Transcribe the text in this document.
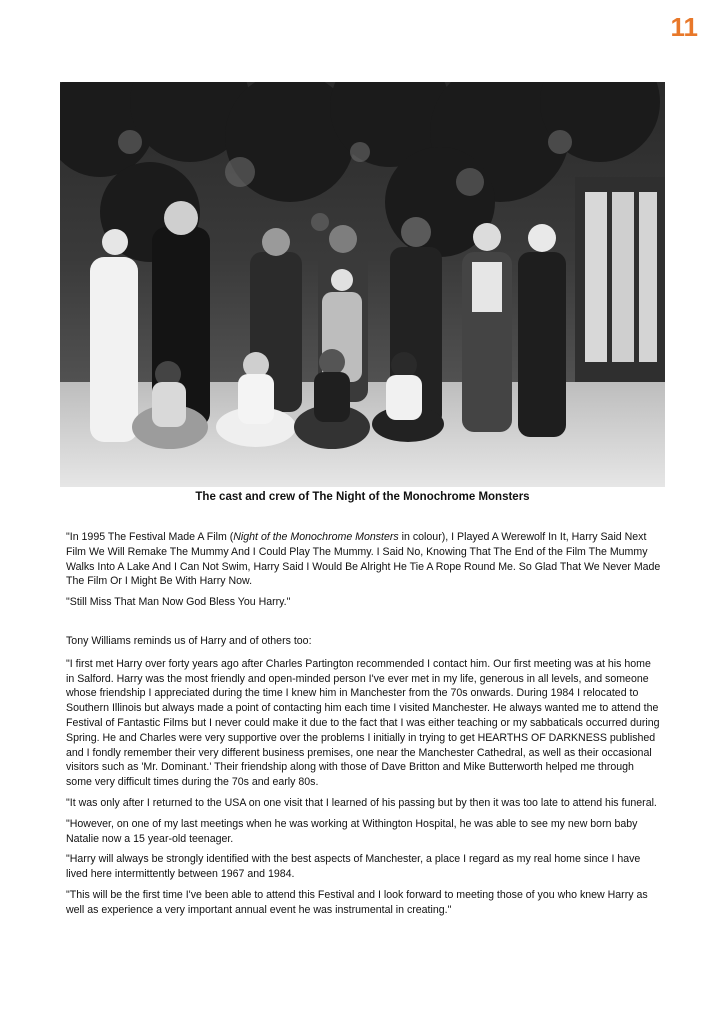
11
The cast and crew of The Night of the Monochrome Monsters

"In 1995 The Festival Made A Film (Night of the Monochrome Monsters in colour), I Played A Werewolf In It, Harry Said Next Film We Will Remake The Mummy And I Could Play The Mummy. I Said No, Knowing That The End of the Film The Mummy Walks Into A Lake And I Can Not Swim, Harry Said I Would Be Alright He Tie A Rope Round Me. So Glad That We Never Made The Film Or I Might Be With Harry Now.

"Still Miss That Man Now God Bless You Harry."

Tony Williams reminds us of Harry and of others too:

"I first met Harry over forty years ago after Charles Partington recommended I contact him. Our first meeting was at his home in Salford. Harry was the most friendly and open-minded person I've ever met in my life, generous in all levels, and someone whose friendship I appreciated during the time I knew him in Manchester from the 70s onwards. During 1984 I relocated to Southern Illinois but always made a point of contacting him each time I visited Manchester. He always wanted me to attend the Festival of Fantastic Films but I never could make it due to the fact that I was either teaching or my sabbaticals occurred during Spring. He and Charles were very supportive over the problems I initially in trying to get HEARTHS OF DARKNESS published and I fondly remember their very different business premises, one near the Manchester Cathedral, as well as their occasional visitors such as 'Mr. Dominant.' Their friendship along with those of Dave Britton and Mike Butterworth helped me through some very difficult times during the 70s and early 80s.

"It was only after I returned to the USA on one visit that I learned of his passing but by then it was too late to attend his funeral.

"However, on one of my last meetings when he was working at Withington Hospital, he was able to see my new born baby Natalie now a 15 year-old teenager.

"Harry will always be strongly identified with the best aspects of Manchester, a place I regard as my real home since I have lived here intermittently between 1967 and 1984.

"This will be the first time I've been able to attend this Festival and I look forward to meeting those of you who knew Harry as well as experience a very important annual event he was instrumental in creating."
